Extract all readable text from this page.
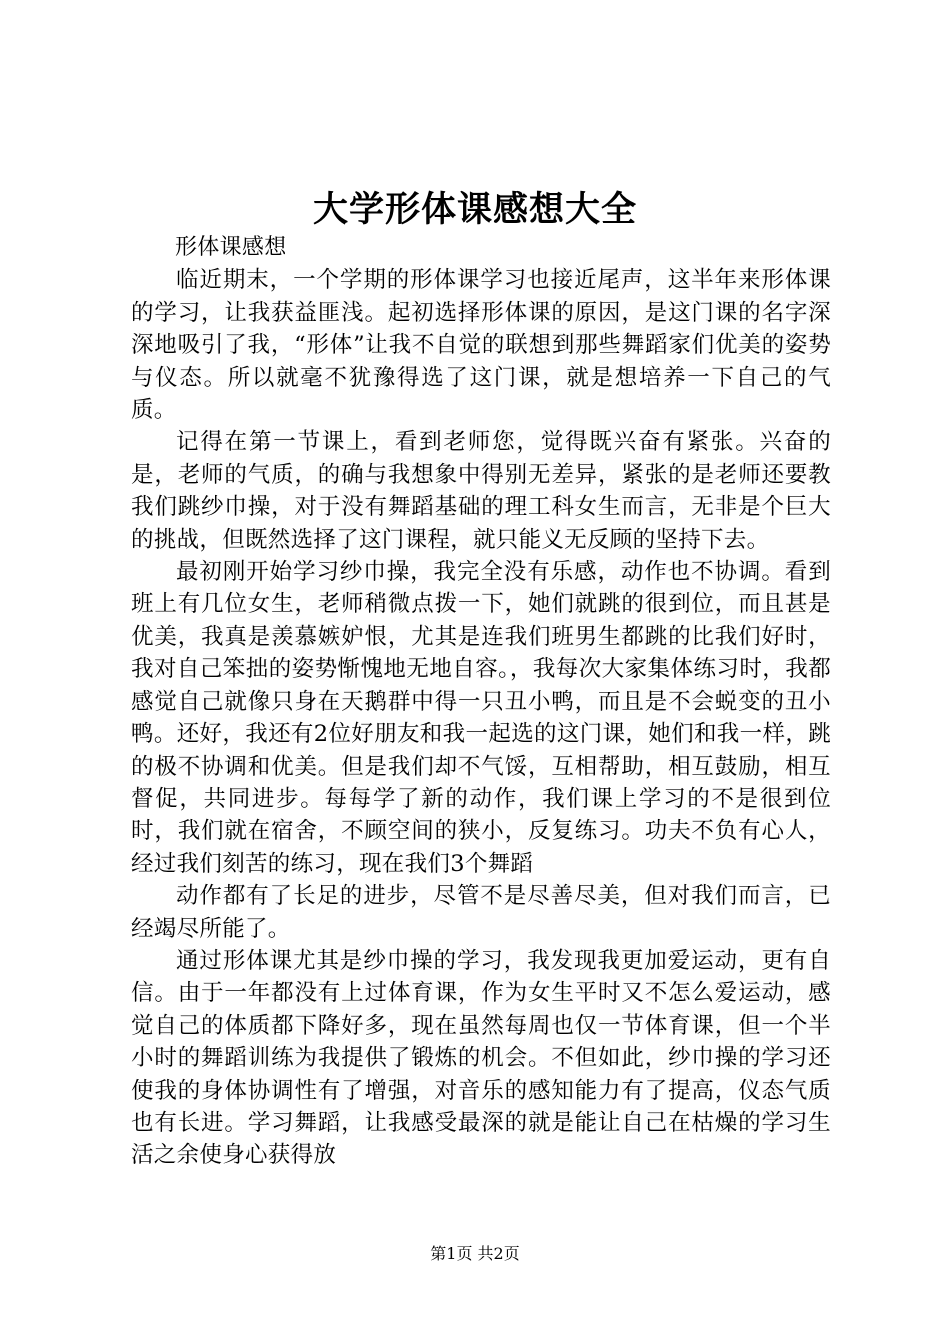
大学形体课感想大全

形体课感想

临近期末，一个学期的形体课学习也接近尾声，这半年来形体课的学习，让我获益匪浅。起初选择形体课的原因，是这门课的名字深深地吸引了我，“形体”让我不自觉的联想到那些舞蹈家们优美的姿势与仪态。所以就毫不犹豫得选了这门课，就是想培养一下自己的气质。

记得在第一节课上，看到老师您，觉得既兴奋有紧张。兴奋的是，老师的气质，的确与我想象中得别无差异，紧张的是老师还要教我们跳纱巾操，对于没有舞蹈基础的理工科女生而言，无非是个巨大的挑战，但既然选择了这门课程，就只能义无反顾的坚持下去。

最初刚开始学习纱巾操，我完全没有乐感，动作也不协调。看到班上有几位女生，老师稍微点拨一下，她们就跳的很到位，而且甚是优美，我真是羡慕嫉妒恨，尤其是连我们班男生都跳的比我们好时，我对自己笨拙的姿势惭愧地无地自容。，我每次大家集体练习时，我都感觉自己就像只身在天鹅群中得一只丑小鸭，而且是不会蜕变的丑小鸭。还好，我还有2位好朋友和我一起选的这门课，她们和我一样，跳的极不协调和优美。但是我们却不气馁，互相帮助，相互鼓励，相互督促，共同进步。每每学了新的动作，我们课上学习的不是很到位时，我们就在宿舍，不顾空间的狭小，反复练习。功夫不负有心人，经过我们刻苦的练习，现在我们3个舞蹈

动作都有了长足的进步，尽管不是尽善尽美，但对我们而言，已经竭尽所能了。

通过形体课尤其是纱巾操的学习，我发现我更加爱运动，更有自信。由于一年都没有上过体育课，作为女生平时又不怎么爱运动，感觉自己的体质都下降好多，现在虽然每周也仅一节体育课，但一个半小时的舞蹈训练为我提供了锻炼的机会。不但如此，纱巾操的学习还使我的身体协调性有了增强，对音乐的感知能力有了提高，仪态气质也有长进。学习舞蹈，让我感受最深的就是能让自己在枯燥的学习生活之余使身心获得放

第1页 共2页
